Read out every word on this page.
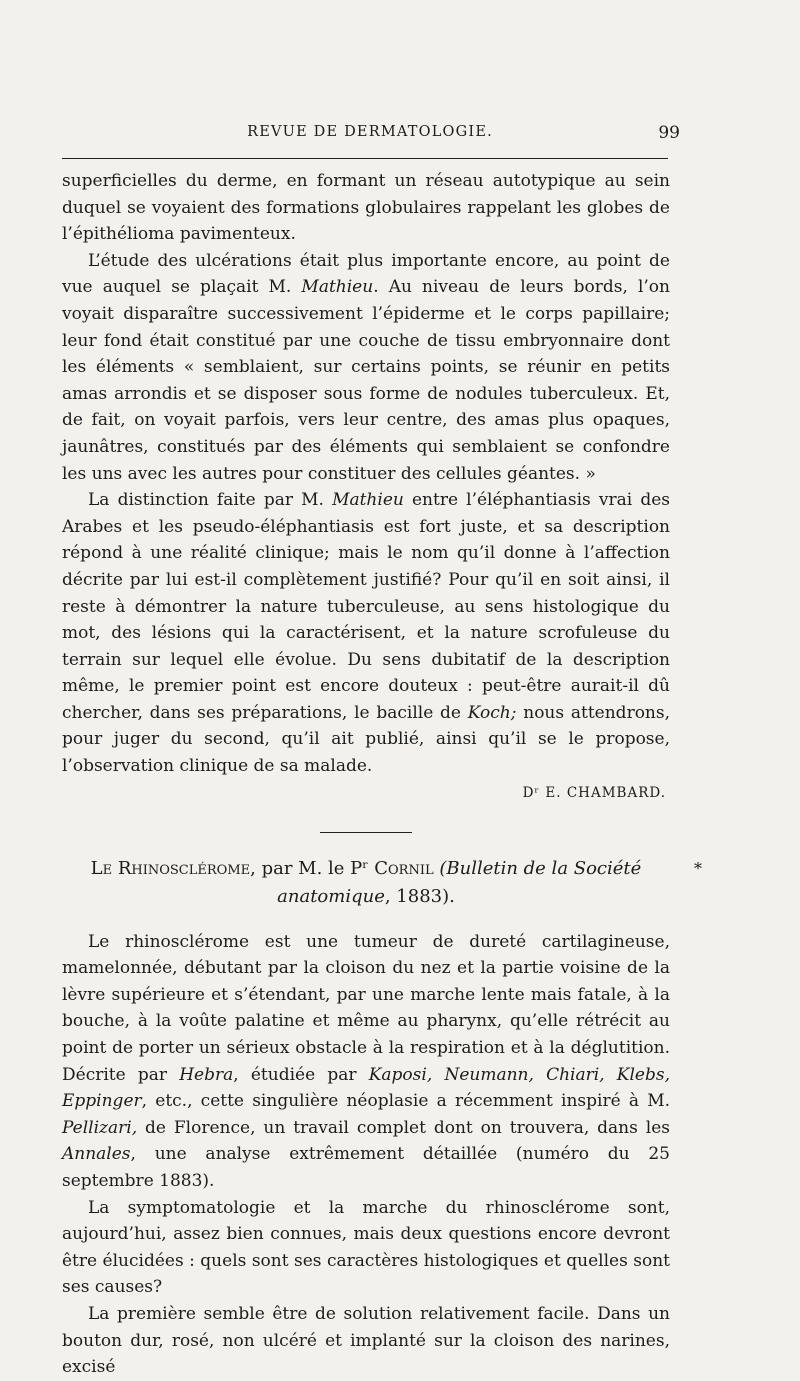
REVUE DE DERMATOLOGIE.	99

superficielles du derme, en formant un réseau autotypique au sein duquel se voyaient des formations globulaires rappelant les globes de l’épithélioma pavimenteux.

L’étude des ulcérations était plus importante encore, au point de vue auquel se plaçait M. Mathieu. Au niveau de leurs bords, l’on voyait disparaître successivement l’épiderme et le corps papillaire; leur fond était constitué par une couche de tissu embryonnaire dont les éléments « semblaient, sur certains points, se réunir en petits amas arrondis et se disposer sous forme de nodules tuberculeux. Et, de fait, on voyait parfois, vers leur centre, des amas plus opaques, jaunâtres, constitués par des éléments qui semblaient se confondre les uns avec les autres pour constituer des cellules géantes. »

La distinction faite par M. Mathieu entre l’éléphantiasis vrai des Arabes et les pseudo-éléphantiasis est fort juste, et sa description répond à une réalité clinique; mais le nom qu’il donne à l’affection décrite par lui est-il complètement justifié? Pour qu’il en soit ainsi, il reste à démontrer la nature tuberculeuse, au sens histologique du mot, des lésions qui la caractérisent, et la nature scrofuleuse du terrain sur lequel elle évolue. Du sens dubitatif de la description même, le premier point est encore douteux : peut-être aurait-il dû chercher, dans ses préparations, le bacille de Koch; nous attendrons, pour juger du second, qu’il ait publié, ainsi qu’il se le propose, l’observation clinique de sa malade.

Dʳ E. CHAMBARD.
Le Rhinosclérome, par M. le Pʳ Cornil (Bulletin de la Société anatomique, 1883).
*

Le rhinosclérome est une tumeur de dureté cartilagineuse, mamelonnée, débutant par la cloison du nez et la partie voisine de la lèvre supérieure et s’étendant, par une marche lente mais fatale, à la bouche, à la voûte palatine et même au pharynx, qu’elle rétrécit au point de porter un sérieux obstacle à la respiration et à la déglutition. Décrite par Hebra, étudiée par Kaposi, Neumann, Chiari, Klebs, Eppinger, etc., cette singulière néoplasie a récemment inspiré à M. Pellizari, de Florence, un travail complet dont on trouvera, dans les Annales, une analyse extrêmement détaillée (numéro du 25 septembre 1883).

La symptomatologie et la marche du rhinosclérome sont, aujourd’hui, assez bien connues, mais deux questions encore devront être élucidées : quels sont ses caractères histologiques et quelles sont ses causes?

La première semble être de solution relativement facile. Dans un bouton dur, rosé, non ulcéré et implanté sur la cloison des narines, excisé
